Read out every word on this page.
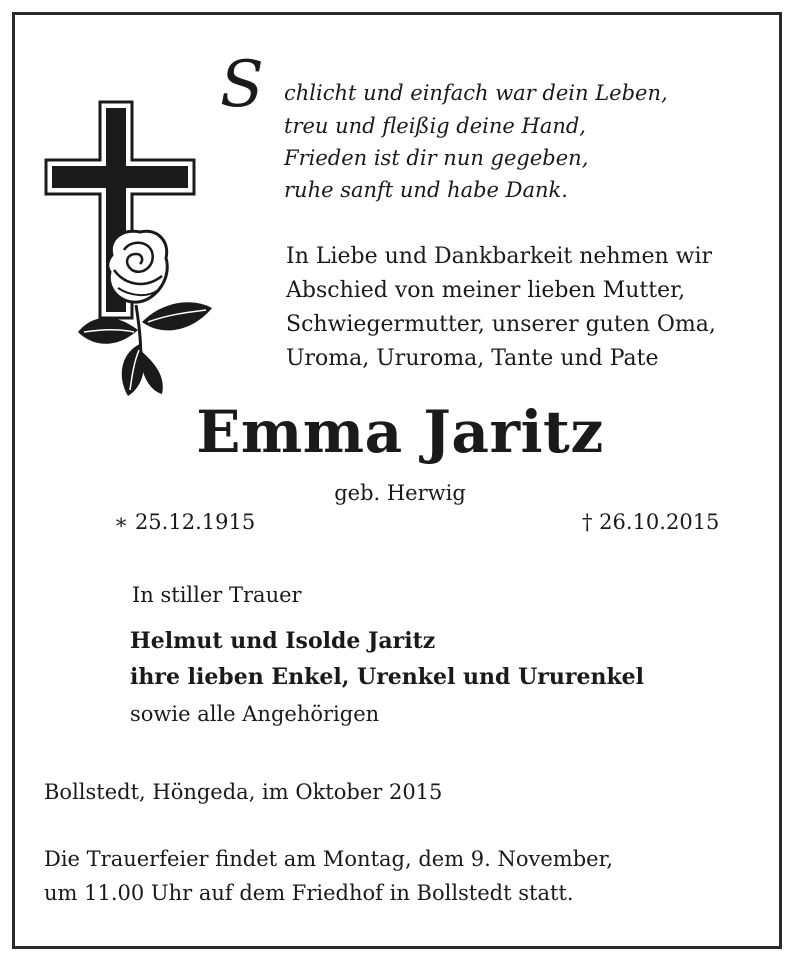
S chlicht und einfach war dein Leben,
treu und fleißig deine Hand,
Frieden ist dir nun gegeben,
ruhe sanft und habe Dank.
In Liebe und Dankbarkeit nehmen wir
Abschied von meiner lieben Mutter,
Schwiegermutter, unserer guten Oma,
Uroma, Ururoma, Tante und Pate
Emma Jaritz
geb. Herwig
∗ 25.12.1915	† 26.10.2015
In stiller Trauer
Helmut und Isolde Jaritz
ihre lieben Enkel, Urenkel und Ururenkel
sowie alle Angehörigen
Bollstedt, Höngeda, im Oktober 2015
Die Trauerfeier findet am Montag, dem 9. November,
um 11.00 Uhr auf dem Friedhof in Bollstedt statt.
